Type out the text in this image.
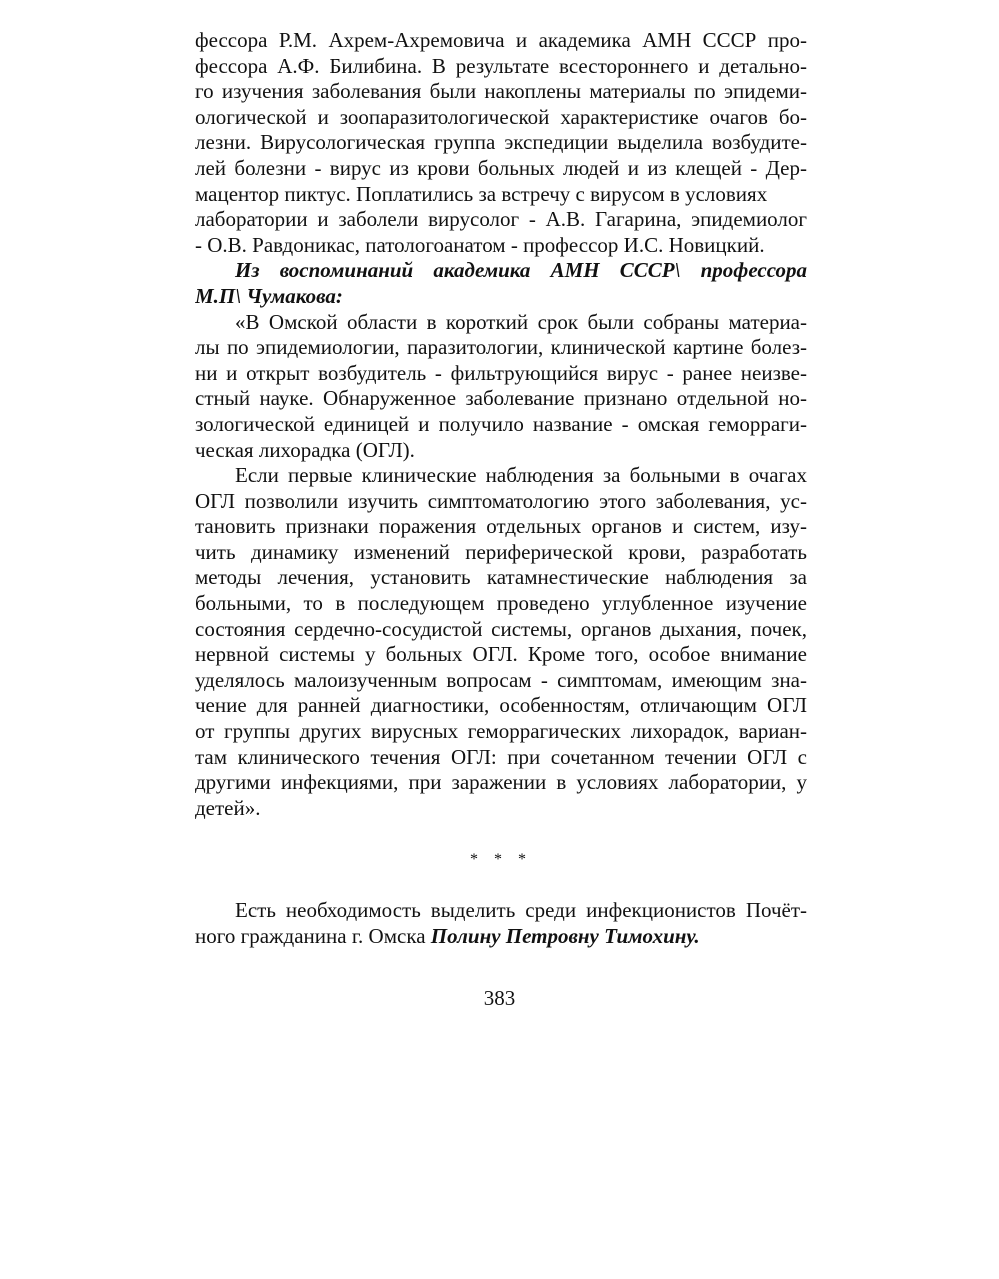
фессора Р.М. Ахрем-Ахремовича и академика АМН СССР про-
фессора А.Ф. Билибина. В результате всестороннего и детально-
го изучения заболевания были накоплены материалы по эпидеми-
ологической и зоопаразитологической характеристике очагов бо-
лезни. Вирусологическая группа экспедиции выделила возбудите-
лей болезни - вирус из крови больных людей и из клещей - Дер-
мацентор пиктус. Поплатились за встречу с вирусом в условиях
лаборатории и заболели вирусолог - А.В. Гагарина, эпидемиолог
- О.В. Равдоникас, патологоанатом - профессор И.С. Новицкий.
Из воспоминаний академика АМН СССР\ профессора
М.П\ Чумакова:
«В Омской области в короткий срок были собраны материа-
лы по эпидемиологии, паразитологии, клинической картине болез-
ни и открыт возбудитель - фильтрующийся вирус - ранее неизве-
стный науке. Обнаруженное заболевание признано отдельной но-
зологической единицей и получило название - омская геморраги-
ческая лихорадка (ОГЛ).
Если первые клинические наблюдения за больными в очагах
ОГЛ позволили изучить симптоматологию этого заболевания, ус-
тановить признаки поражения отдельных органов и систем, изу-
чить динамику изменений периферической крови, разработать
методы лечения, установить катамнестические наблюдения за
больными, то в последующем проведено углубленное изучение
состояния сердечно-сосудистой системы, органов дыхания, почек,
нервной системы у больных ОГЛ. Кроме того, особое внимание
уделялось малоизученным вопросам - симптомам, имеющим зна-
чение для ранней диагностики, особенностям, отличающим ОГЛ
от группы других вирусных геморрагических лихорадок, вариан-
там клинического течения ОГЛ: при сочетанном течении ОГЛ с
другими инфекциями, при заражении в условиях лаборатории, у
детей».
* * *
Есть необходимость выделить среди инфекционистов Почёт-
ного гражданина г. Омска Полину Петровну Тимохину.
383
